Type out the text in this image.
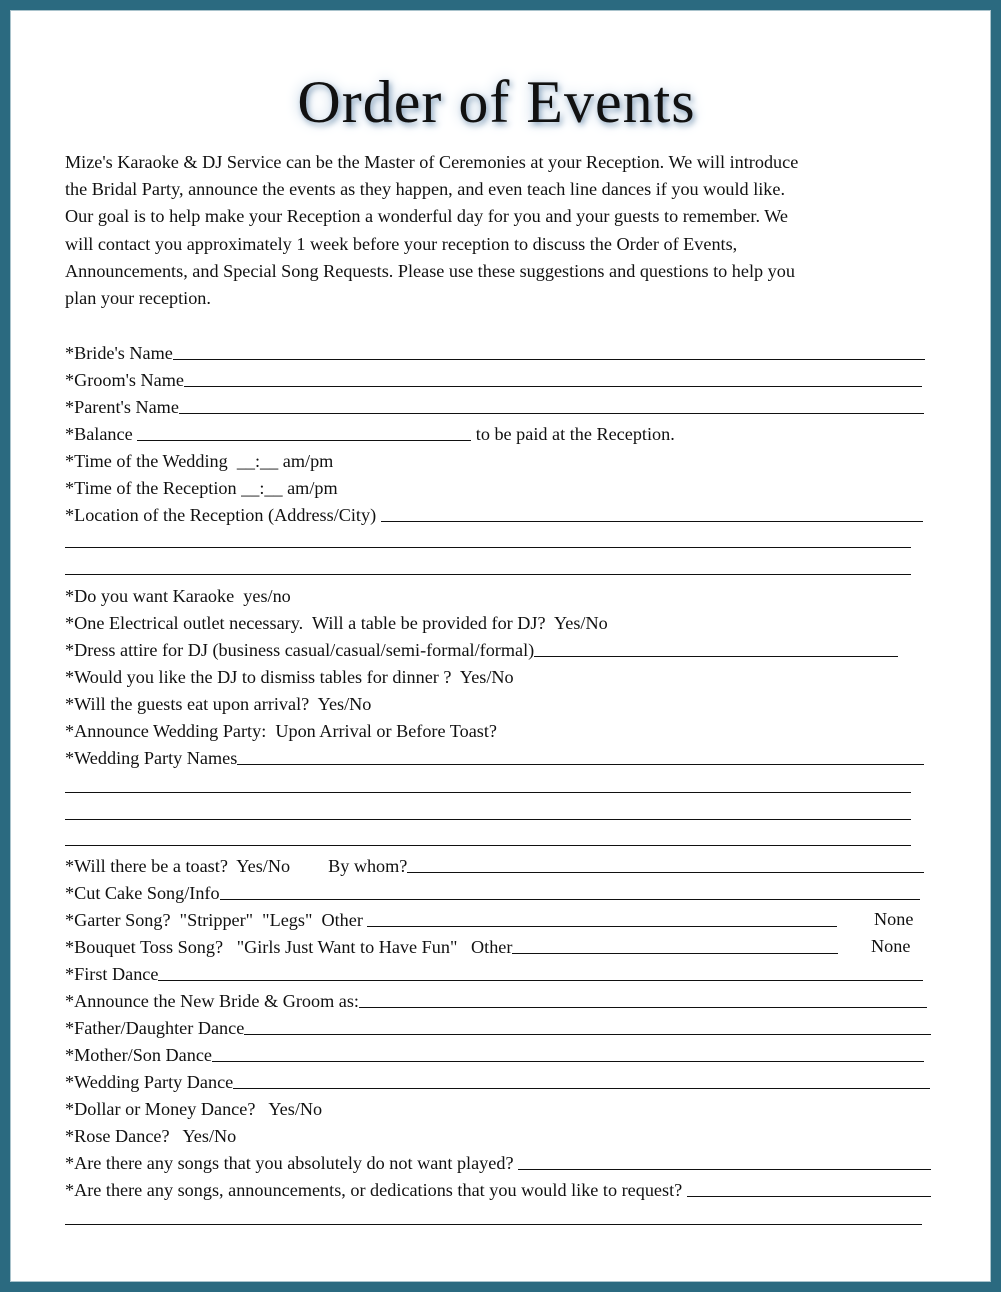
Order of Events

Mize's Karaoke & DJ Service can be the Master of Ceremonies at your Reception. We will introduce
the Bridal Party, announce the events as they happen, and even teach line dances if you would like.
Our goal is to help make your Reception a wonderful day for you and your guests to remember. We
will contact you approximately 1 week before your reception to discuss the Order of Events,
Announcements, and Special Song Requests. Please use these suggestions and questions to help you
plan your reception.

*Bride's Name
*Groom's Name
*Parent's Name
*Balance	to be paid at the Reception.
*Time of the Wedding  __:__ am/pm
*Time of the Reception __:__ am/pm
*Location of the Reception (Address/City)
*Do you want Karaoke  yes/no
*One Electrical outlet necessary.  Will a table be provided for DJ?  Yes/No
*Dress attire for DJ (business casual/casual/semi-formal/formal)
*Would you like the DJ to dismiss tables for dinner ?  Yes/No
*Will the guests eat upon arrival?  Yes/No
*Announce Wedding Party:  Upon Arrival or Before Toast?
*Wedding Party Names
*Will there be a toast?  Yes/No By whom?
*Cut Cake Song/Info
*Garter Song?  "Stripper"  "Legs"  Other	None
*Bouquet Toss Song?   "Girls Just Want to Have Fun"   Other	None
*First Dance
*Announce the New Bride & Groom as:
*Father/Daughter Dance
*Mother/Son Dance
*Wedding Party Dance
*Dollar or Money Dance?   Yes/No
*Rose Dance?   Yes/No
*Are there any songs that you absolutely do not want played?
*Are there any songs, announcements, or dedications that you would like to request?
